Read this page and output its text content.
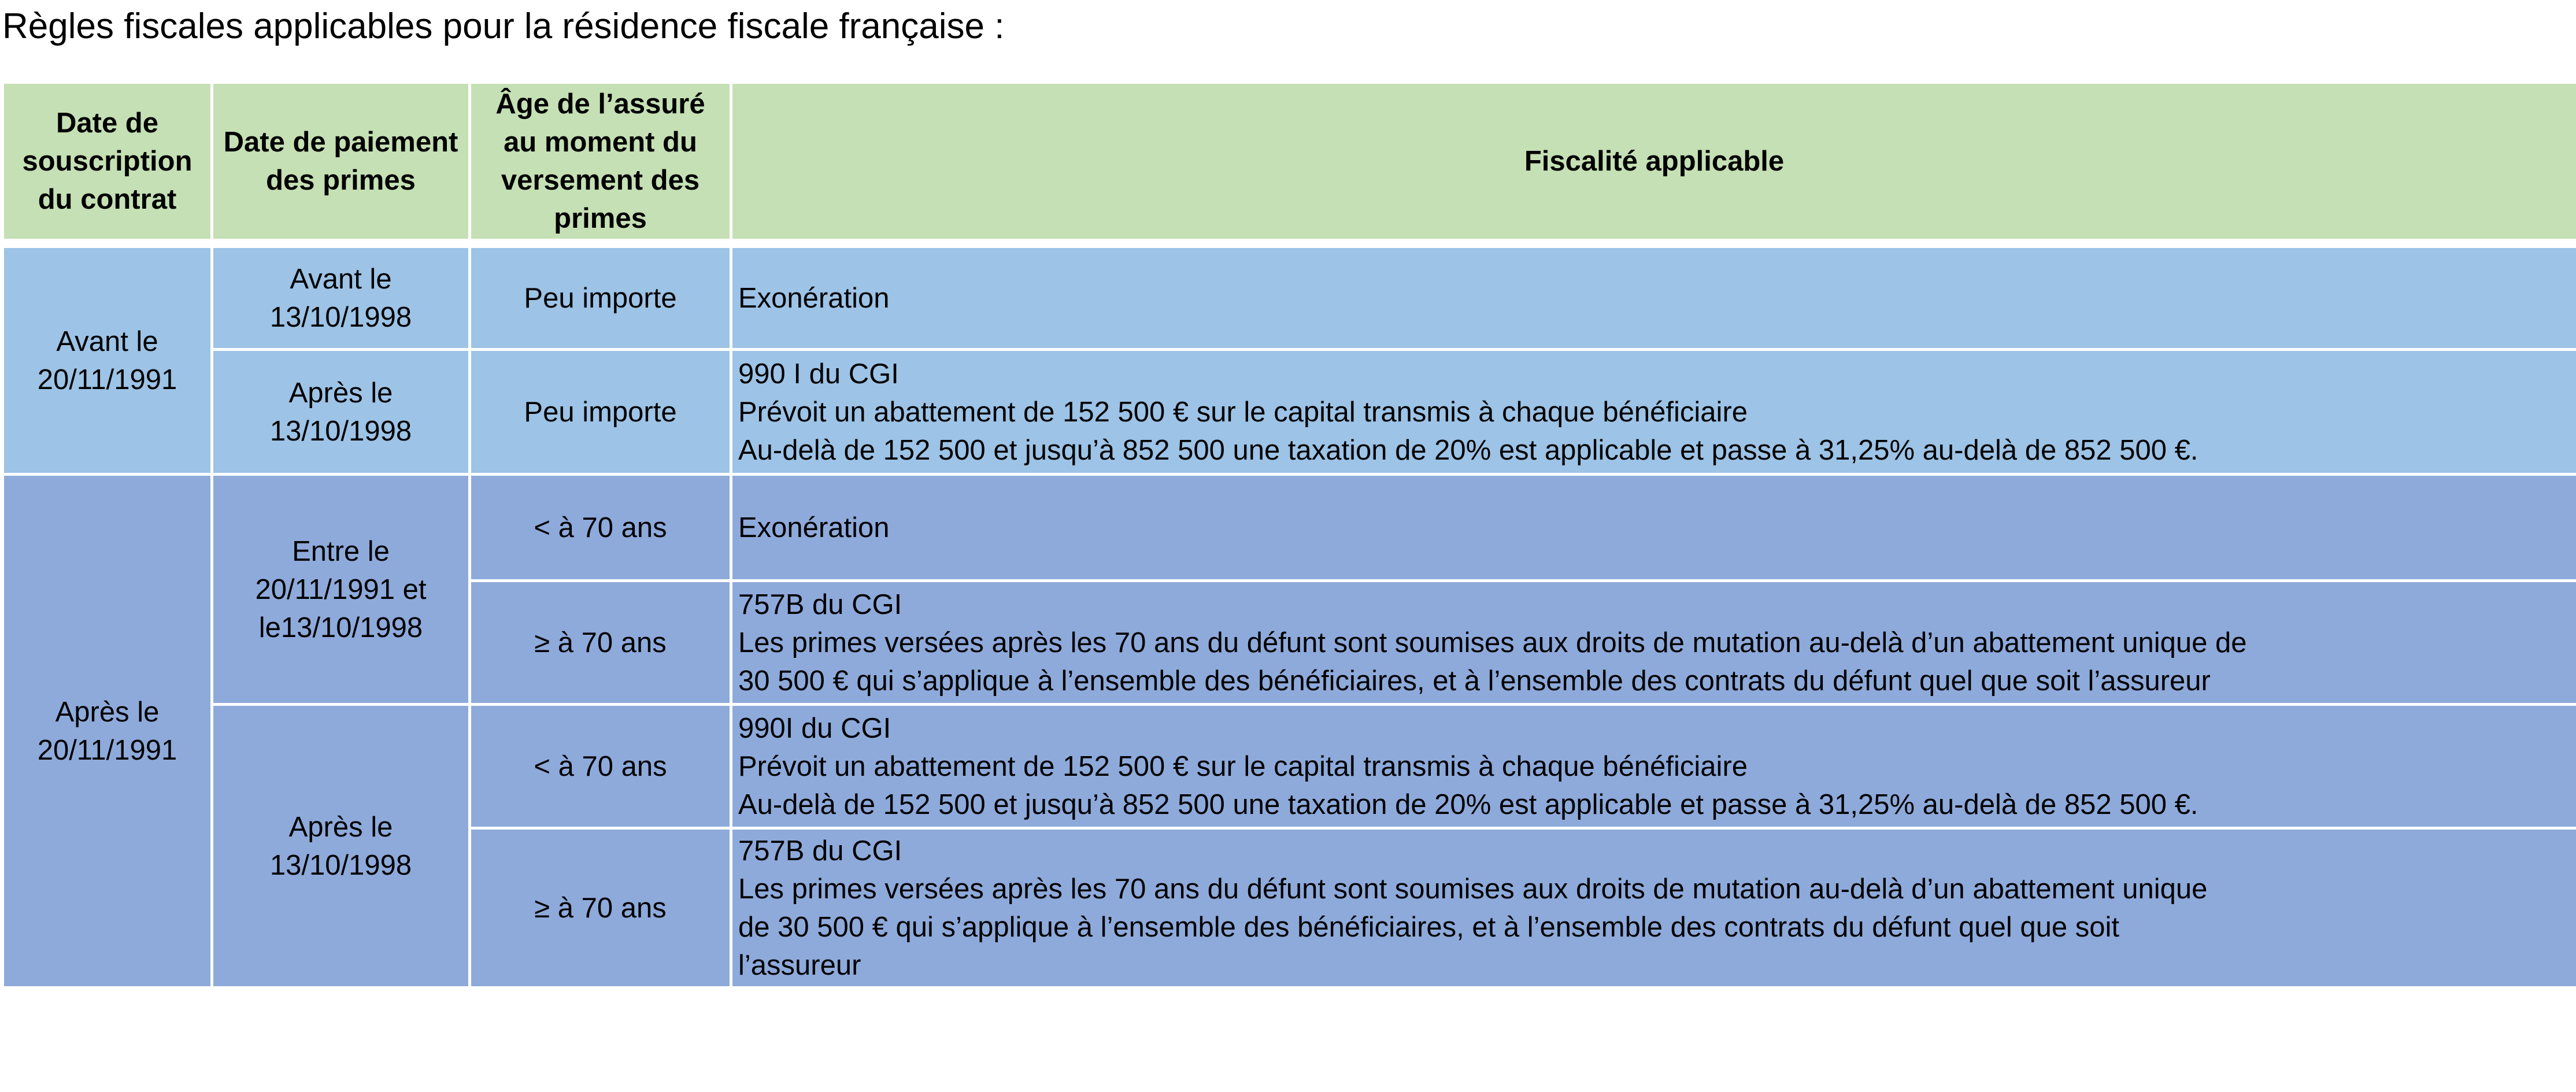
Règles fiscales applicables pour la résidence fiscale française :
Date de souscription du contrat	Date de paiement des primes	Âge de l’assuré au moment du versement des primes	Fiscalité applicable

Avant le 20/11/1991	Avant le 13/10/1998	Peu importe	Exonération

	Après le 13/10/1998	Peu importe	990 I du CGI
Prévoit un abattement de 152 500 € sur le capital transmis à chaque bénéficiaire
Au-delà de 152 500 et jusqu’à 852 500 une taxation de 20% est applicable et passe à 31,25% au-delà de 852 500 €.

Après le 20/11/1991	Entre le 20/11/1991 et le13/10/1998	< à 70 ans	Exonération

		≥ à 70 ans	757B du CGI
Les primes versées après les 70 ans du défunt sont soumises aux droits de mutation au-delà d’un abattement unique de
30 500 € qui s’applique à l’ensemble des bénéficiaires, et à l’ensemble des contrats du défunt quel que soit l’assureur

	Après le 13/10/1998	< à 70 ans	990I du CGI
Prévoit un abattement de 152 500 € sur le capital transmis à chaque bénéficiaire
Au-delà de 152 500 et jusqu’à 852 500 une taxation de 20% est applicable et passe à 31,25% au-delà de 852 500 €.

		≥ à 70 ans	757B du CGI
Les primes versées après les 70 ans du défunt sont soumises aux droits de mutation au-delà d’un abattement unique
de 30 500 € qui s’applique à l’ensemble des bénéficiaires, et à l’ensemble des contrats du défunt quel que soit
l’assureur
